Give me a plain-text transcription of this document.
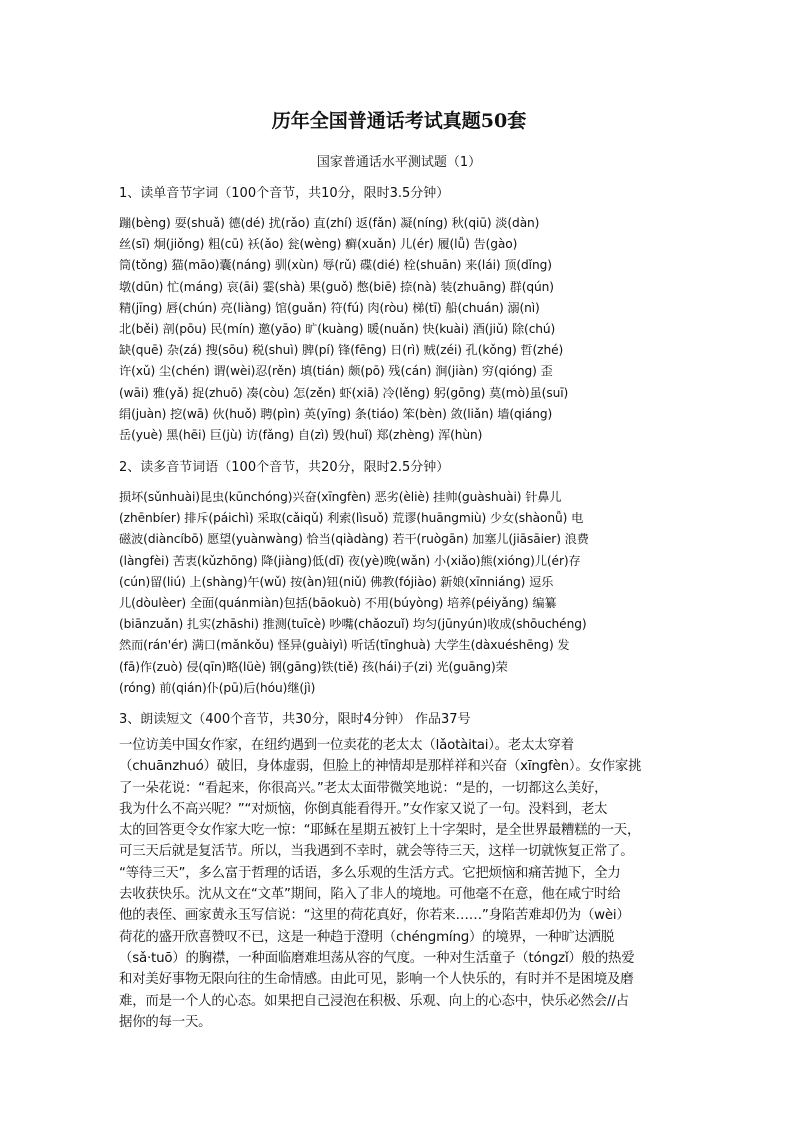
历年全国普通话考试真题50套
国家普通话水平测试题（1）
1、读单音节字词（100个音节，共10分，限时3.5分钟）
蹦(bèng) 耍(shuǎ) 德(dé) 扰(rǎo) 直(zhí) 返(fǎn) 凝(níng) 秋(qiū) 淡(dàn)
丝(sī) 炯(jiǒng) 粗(cū) 袄(ǎo) 瓮(wèng) 癣(xuǎn) 儿(ér) 履(lǚ) 告(gào)
筒(tǒng) 猫(māo)囊(náng) 驯(xùn) 辱(rǔ) 碟(dié) 栓(shuān) 来(lái) 顶(dǐng)
墩(dūn) 忙(máng) 哀(āi) 霎(shà) 果(guǒ) 憋(biē) 捺(nà) 装(zhuāng) 群(qún)
精(jīng) 唇(chún) 亮(liàng) 馆(guǎn) 符(fú) 肉(ròu) 梯(tī) 船(chuán) 溺(nì)
北(běi) 剖(pōu) 民(mín) 邀(yāo) 旷(kuàng) 暖(nuǎn) 快(kuài) 酒(jiǔ) 除(chú)
缺(quē) 杂(zá) 搜(sōu) 税(shuì) 脾(pí) 锋(fēng) 日(rì) 贼(zéi) 孔(kǒng) 哲(zhé)
许(xǔ) 尘(chén) 谓(wèi)忍(rěn) 填(tián) 颇(pō) 残(cán) 涧(jiàn) 穷(qióng) 歪
(wāi) 雅(yǎ) 捉(zhuō) 凑(còu) 怎(zěn) 虾(xiā) 冷(lěng) 躬(gōng) 莫(mò)虽(suī)
绢(juàn) 挖(wā) 伙(huǒ) 聘(pìn) 英(yīng) 条(tiáo) 笨(bèn) 敛(liǎn) 墙(qiáng)
岳(yuè) 黑(hēi) 巨(jù) 访(fǎng) 自(zì) 毁(huǐ) 郑(zhèng) 浑(hùn)
2、读多音节词语（100个音节，共20分，限时2.5分钟）
损坏(sǔnhuài)昆虫(kūnchóng)兴奋(xīngfèn) 恶劣(èliè) 挂帅(guàshuài) 针鼻儿
(zhēnbíer) 排斥(páichì) 采取(cǎiqǔ) 利索(lìsuǒ) 荒谬(huāngmiù) 少女(shàonǚ) 电
磁波(diàncíbō) 愿望(yuànwàng) 恰当(qiàdàng) 若干(ruògān) 加塞儿(jiāsāier) 浪费
(làngfèi) 苦衷(kǔzhōng) 降(jiàng)低(dī) 夜(yè)晚(wǎn) 小(xiǎo)熊(xióng)儿(ér)存
(cún)留(liú) 上(shàng)午(wǔ) 按(àn)钮(niǔ) 佛教(fójiào) 新娘(xīnniáng) 逗乐
儿(dòulèer) 全面(quánmiàn)包括(bāokuò) 不用(búyòng) 培养(péiyǎng) 编纂
(biānzuǎn) 扎实(zhāshi) 推测(tuīcè) 吵嘴(chǎozuǐ) 均匀(jūnyún)收成(shōuchéng)
然而(rán'ér) 满口(mǎnkǒu) 怪异(guàiyì) 听话(tīnghuà) 大学生(dàxuéshēng) 发
(fā)作(zuò) 侵(qīn)略(lüè) 钢(gāng)铁(tiě) 孩(hái)子(zi) 光(guāng)荣
(róng) 前(qián)仆(pū)后(hóu)继(jì)
3、朗读短文（400个音节，共30分，限时4分钟） 作品37号
一位访美中国女作家，在纽约遇到一位卖花的老太太（lǎotàitai）。老太太穿着
（chuānzhuó）破旧，身体虚弱，但脸上的神情却是那样祥和兴奋（xīngfèn）。女作家挑
了一朵花说：“看起来，你很高兴。”老太太面带微笑地说：“是的，一切都这么美好，
我为什么不高兴呢？”“对烦恼，你倒真能看得开。”女作家又说了一句。没料到，老太
太的回答更令女作家大吃一惊：“耶稣在星期五被钉上十字架时，是全世界最糟糕的一天，
可三天后就是复活节。所以，当我遇到不幸时，就会等待三天，这样一切就恢复正常了。
“等待三天”，多么富于哲理的话语，多么乐观的生活方式。它把烦恼和痛苦抛下，全力
去收获快乐。沈从文在“文革”期间，陷入了非人的境地。可他毫不在意，他在咸宁时给
他的表侄、画家黄永玉写信说：“这里的荷花真好，你若来……”身陷苦难却仍为（wèi）
荷花的盛开欣喜赞叹不已，这是一种趋于澄明（chénɡmínɡ）的境界，一种旷达洒脱
（sǎ·tuō）的胸襟，一种面临磨难坦荡从容的气度。一种对生活童子（tónɡzǐ）般的热爱
和对美好事物无限向往的生命情感。由此可见，影响一个人快乐的，有时并不是困境及磨
难，而是一个人的心态。如果把自己浸泡在积极、乐观、向上的心态中，快乐必然会//占
据你的每一天。
